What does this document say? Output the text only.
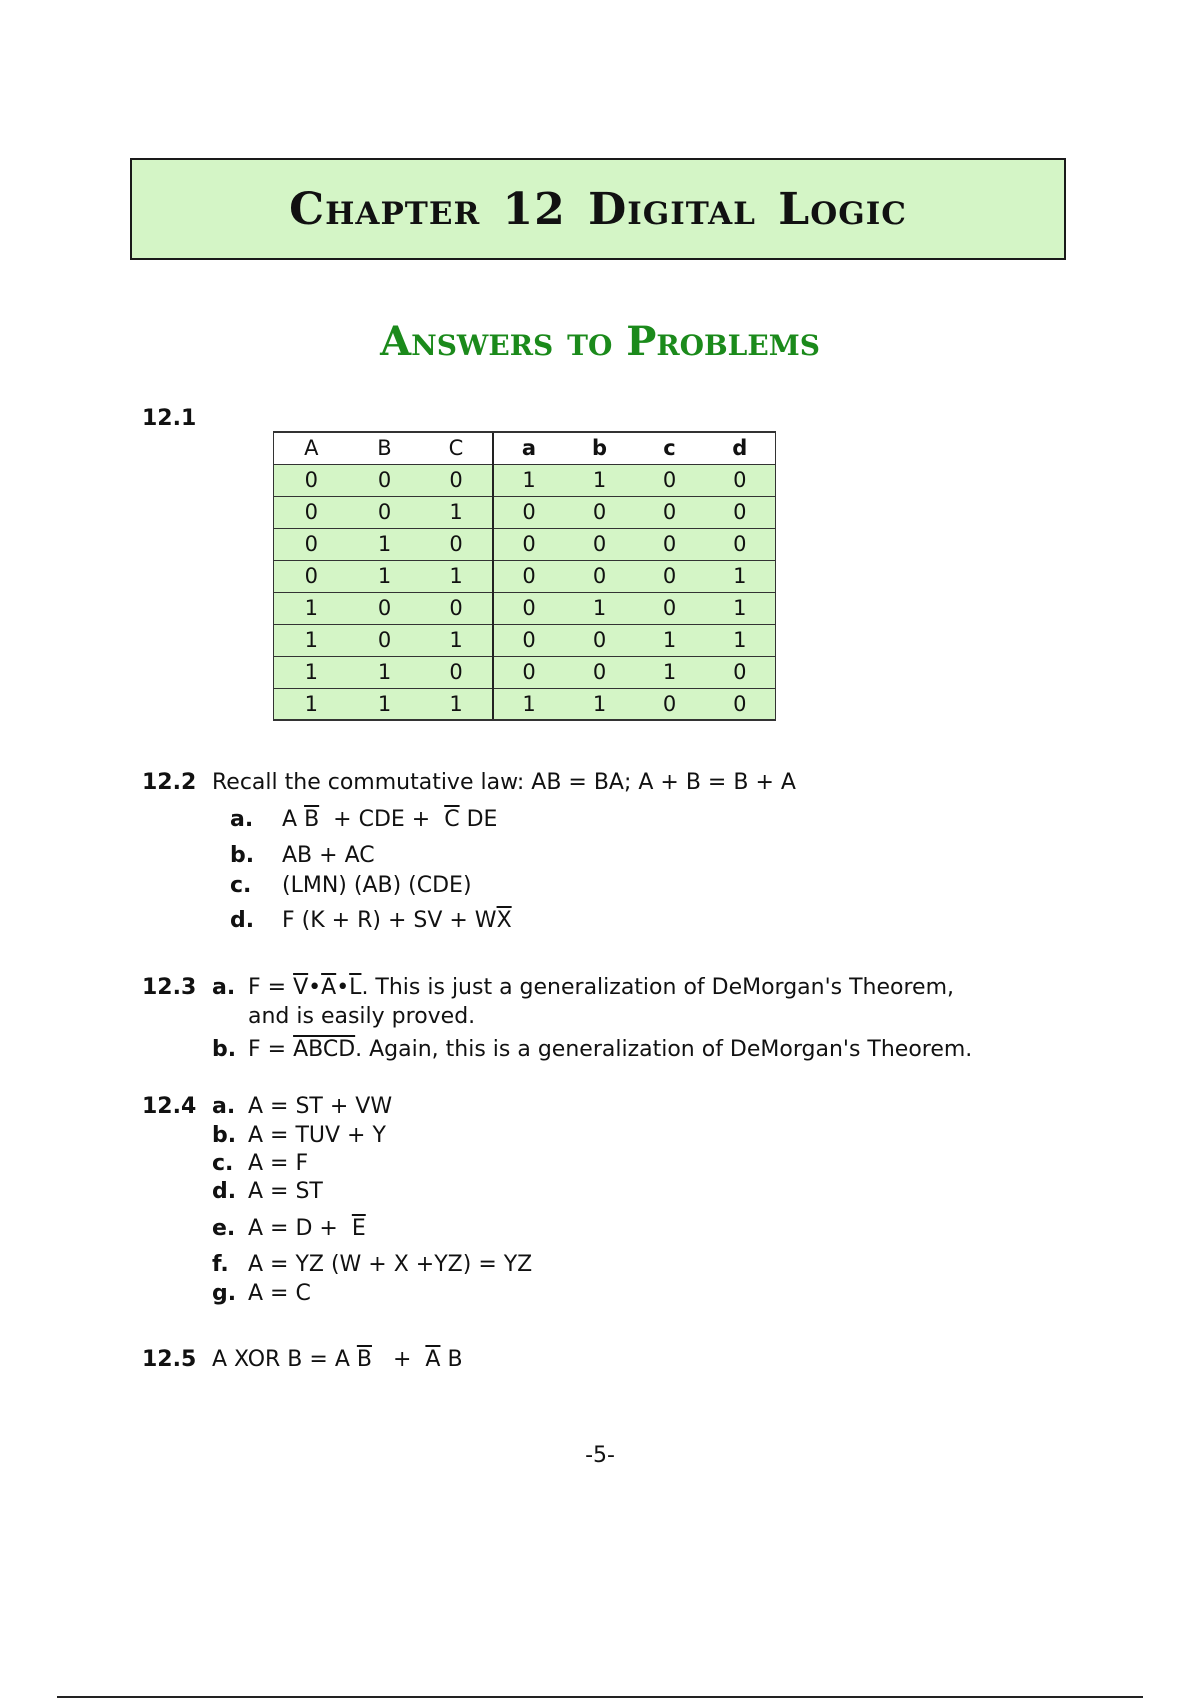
Chapter 12 Digital Logic
Answers to Problems
12.1
A	B	C	a	b	c	d
0	0	0	1	1	0	0
0	0	1	0	0	0	0
0	1	0	0	0	0	0
0	1	1	0	0	0	1
1	0	0	0	1	0	1
1	0	1	0	0	1	1
1	1	0	0	0	1	0
1	1	1	1	1	0	0
12.2 Recall the commutative law: AB = BA; A + B = B + A
a. A $\overline{B}$  + CDE +  $\overline{C}$ DE
b. AB + AC
c. (LMN) (AB) (CDE)
d. F (K + R) + SV + $W\overline{X}$
12.3 a. $F = \overline{V}•\overline{A}•\overline{L}$. This is just a generalization of DeMorgan's Theorem,
and is easily proved.
b. F = ABCD. Again, this is a generalization of DeMorgan's Theorem.
12.4 a. A = ST + VW
b. A = TUV + Y
c. A = F
d. A = ST
e. $A = D + \overline{E}$
f. A = YZ (W + X +YZ) = YZ
g. A = C
12.5 A XOR B = A $\overline{B} + \overline{A}$ B
-5-
